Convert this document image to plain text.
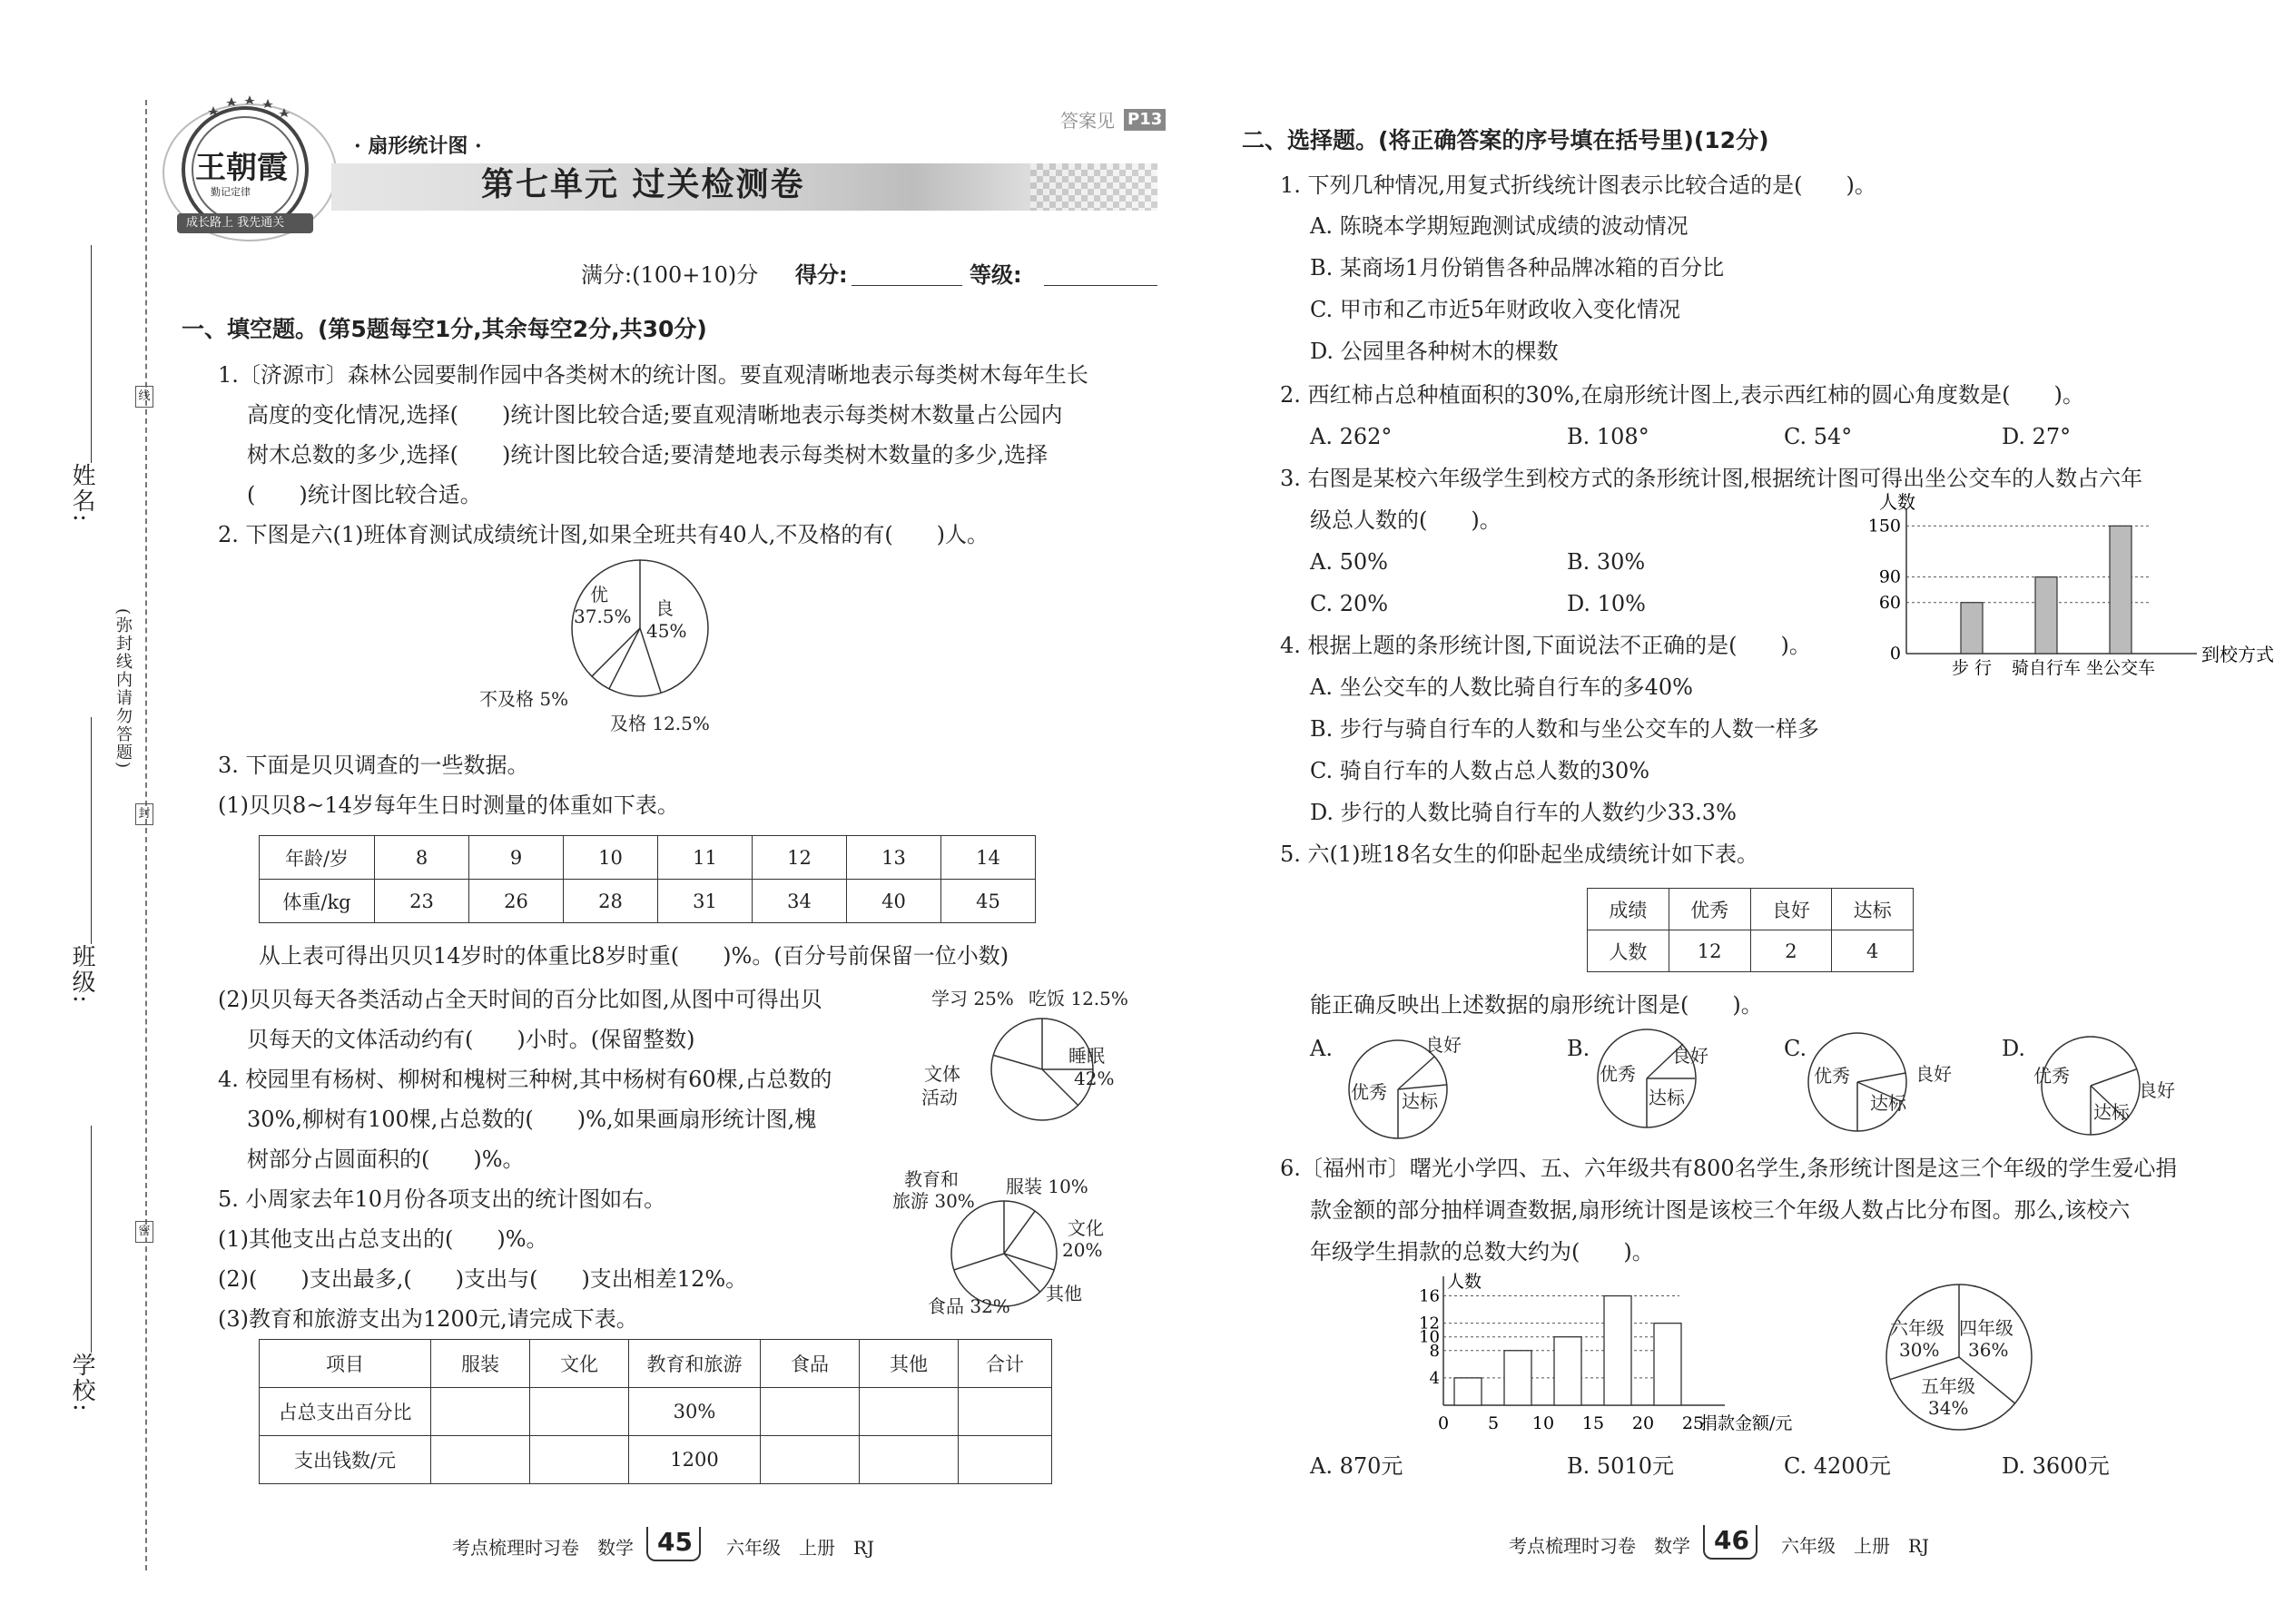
线
封
密
姓名:
(弥封线内请勿答题)
班级:
学校:
王朝霞
勤记定律
成长路上 我先通关
· 扇形统计图 ·
第七单元 过关检测卷
答案见 P13
满分:(100+10)分 得分:	等级:
一、填空题。(第5题每空1分,其余每空2分,共30分)
1.〔济源市〕森林公园要制作园中各类树木的统计图。要直观清晰地表示每类树木每年生长
高度的变化情况,选择(　　)统计图比较合适;要直观清晰地表示每类树木数量占公园内
树木总数的多少,选择(　　)统计图比较合适;要清楚地表示每类树木数量的多少,选择
(　　)统计图比较合适。
2. 下图是六(1)班体育测试成绩统计图,如果全班共有40人,不及格的有(　　)人。
优
37.5% 良
45%
不及格 5%
及格 12.5%
3. 下面是贝贝调查的一些数据。
(1)贝贝8~14岁每年生日时测量的体重如下表。
年龄/岁	8	9	10	11	12	13	14
体重/kg	23	26	28	31	34	40	45
从上表可得出贝贝14岁时的体重比8岁时重(　　)%。(百分号前保留一位小数)
(2)贝贝每天各类活动占全天时间的百分比如图,从图中可得出贝
贝每天的文体活动约有(　　)小时。(保留整数)
学习 25% 吃饭 12.5%
睡眠
42%
文体
活动
4. 校园里有杨树、柳树和槐树三种树,其中杨树有60棵,占总数的
30%,柳树有100棵,占总数的(　　)%,如果画扇形统计图,槐
树部分占圆面积的(　　)%。
5. 小周家去年10月份各项支出的统计图如右。
(1)其他支出占总支出的(　　)%。
(2)(　　)支出最多,(　　)支出与(　　)支出相差12%。
(3)教育和旅游支出为1200元,请完成下表。
教育和
旅游 30%
服装 10%
文化
20%
其他
食品 32%
项目	服装	文化	教育和旅游	食品	其他	合计
占总支出百分比			30%			
支出钱数/元			1200			
考点梳理时习卷　数学 45 六年级　上册　RJ
二、选择题。(将正确答案的序号填在括号里)(12分)
1. 下列几种情况,用复式折线统计图表示比较合适的是(　　)。
A. 陈晓本学期短跑测试成绩的波动情况
B. 某商场1月份销售各种品牌冰箱的百分比
C. 甲市和乙市近5年财政收入变化情况
D. 公园里各种树木的棵数
2. 西红柿占总种植面积的30%,在扇形统计图上,表示西红柿的圆心角度数是(　　)。
A. 262°	B. 108°	C. 54°	D. 27°
3. 右图是某校六年级学生到校方式的条形统计图,根据统计图可得出坐公交车的人数占六年
级总人数的(　　)。
A. 50%	B. 30%
C. 20%	D. 10%
人数
到校方式
0
60
90
150
步 行 骑自行车 坐公交车
4. 根据上题的条形统计图,下面说法不正确的是(　　)。
A. 坐公交车的人数比骑自行车的多40%
B. 步行与骑自行车的人数和与坐公交车的人数一样多
C. 骑自行车的人数占总人数的30%
D. 步行的人数比骑自行车的人数约少33.3%
5. 六(1)班18名女生的仰卧起坐成绩统计如下表。
成绩	优秀	良好	达标
人数	12	2	4
能正确反映出上述数据的扇形统计图是(　　)。
A.	B.	C.	D.
优秀
良好
达标
优秀
良好
达标
优秀	良好
达标
优秀
良好
达标
6.〔福州市〕曙光小学四、五、六年级共有800名学生,条形统计图是这三个年级的学生爱心捐
款金额的部分抽样调查数据,扇形统计图是该校三个年级人数占比分布图。那么,该校六
年级学生捐款的总数大约为(　　)。
人数
捐款金额/元
4
8
10
12
16
0 5 10 15 20 25
六年级
30%
四年级
36%
五年级
34%
A. 870元	B. 5010元	C. 4200元	D. 3600元
考点梳理时习卷　数学 46 六年级　上册　RJ
